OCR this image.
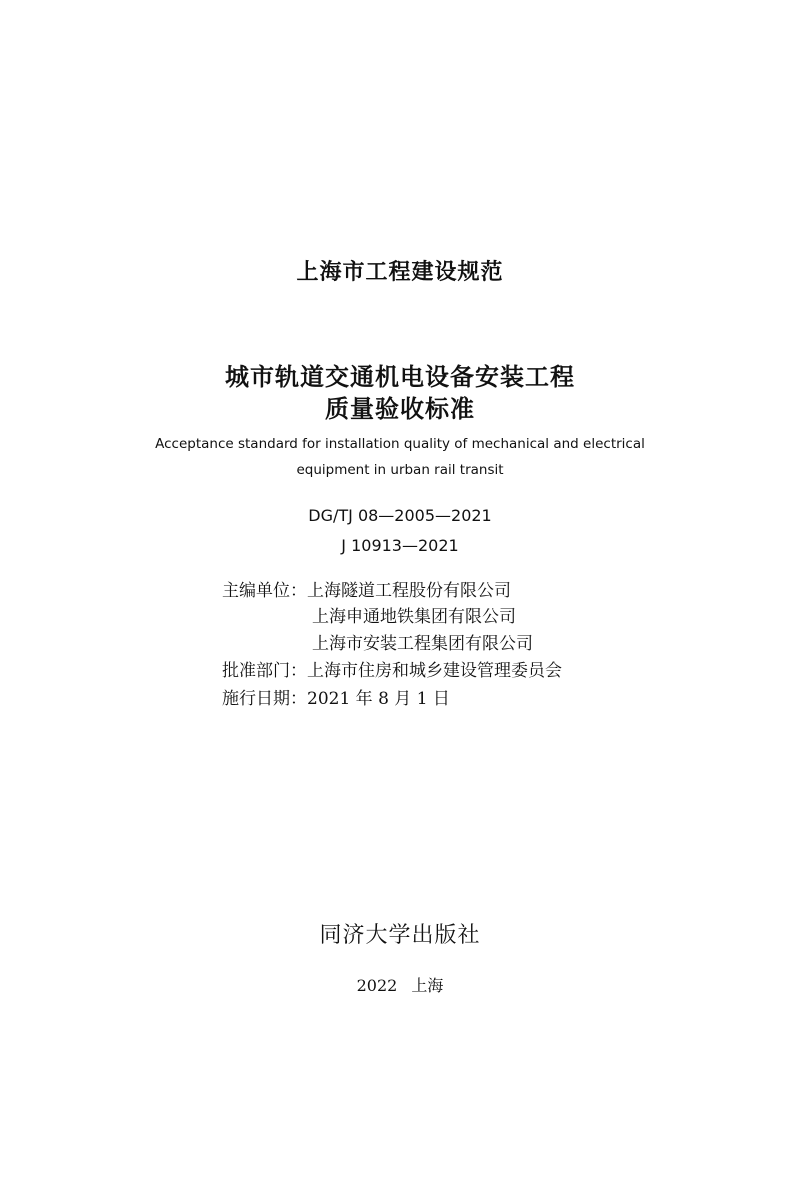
上海市工程建设规范
城市轨道交通机电设备安装工程
质量验收标准
Acceptance standard for installation quality of mechanical and electrical
equipment in urban rail transit
DG/TJ 08—2005—2021
J 10913—2021
主编单位：上海隧道工程股份有限公司
上海申通地铁集团有限公司
上海市安装工程集团有限公司
批准部门：上海市住房和城乡建设管理委员会
施行日期：2021 年 8 月 1 日
同济大学出版社
2022 上海
